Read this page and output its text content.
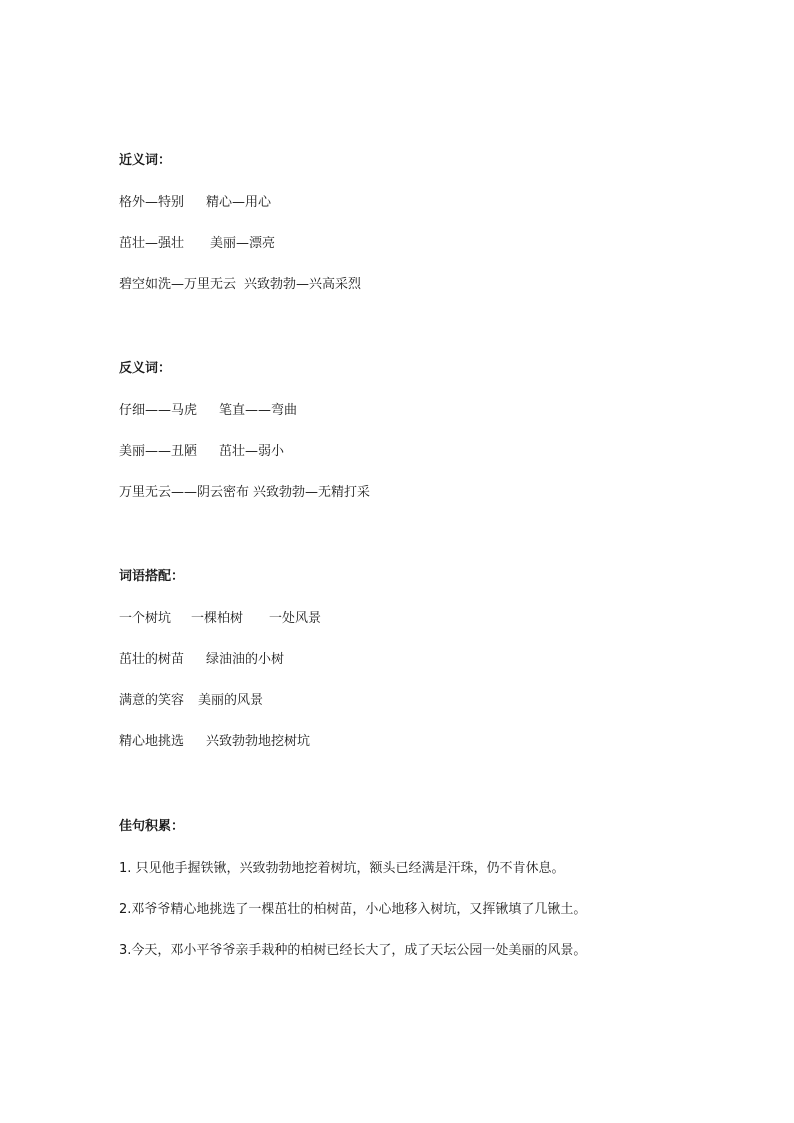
近义词：
格外—特别 精心—用心
茁壮—强壮 美丽—漂亮
碧空如洗—万里无云 兴致勃勃—兴高采烈
反义词：
仔细——马虎 笔直——弯曲
美丽——丑陋 茁壮—弱小
万里无云——阴云密布 兴致勃勃—无精打采
词语搭配：
一个树坑 一棵柏树 一处风景
茁壮的树苗 绿油油的小树
满意的笑容 美丽的风景
精心地挑选 兴致勃勃地挖树坑
佳句积累：
1. 只见他手握铁锹，兴致勃勃地挖着树坑，额头已经满是汗珠，仍不肯休息。
2.邓爷爷精心地挑选了一棵茁壮的柏树苗，小心地移入树坑，又挥锹填了几锹土。
3.今天，邓小平爷爷亲手栽种的柏树已经长大了，成了天坛公园一处美丽的风景。
